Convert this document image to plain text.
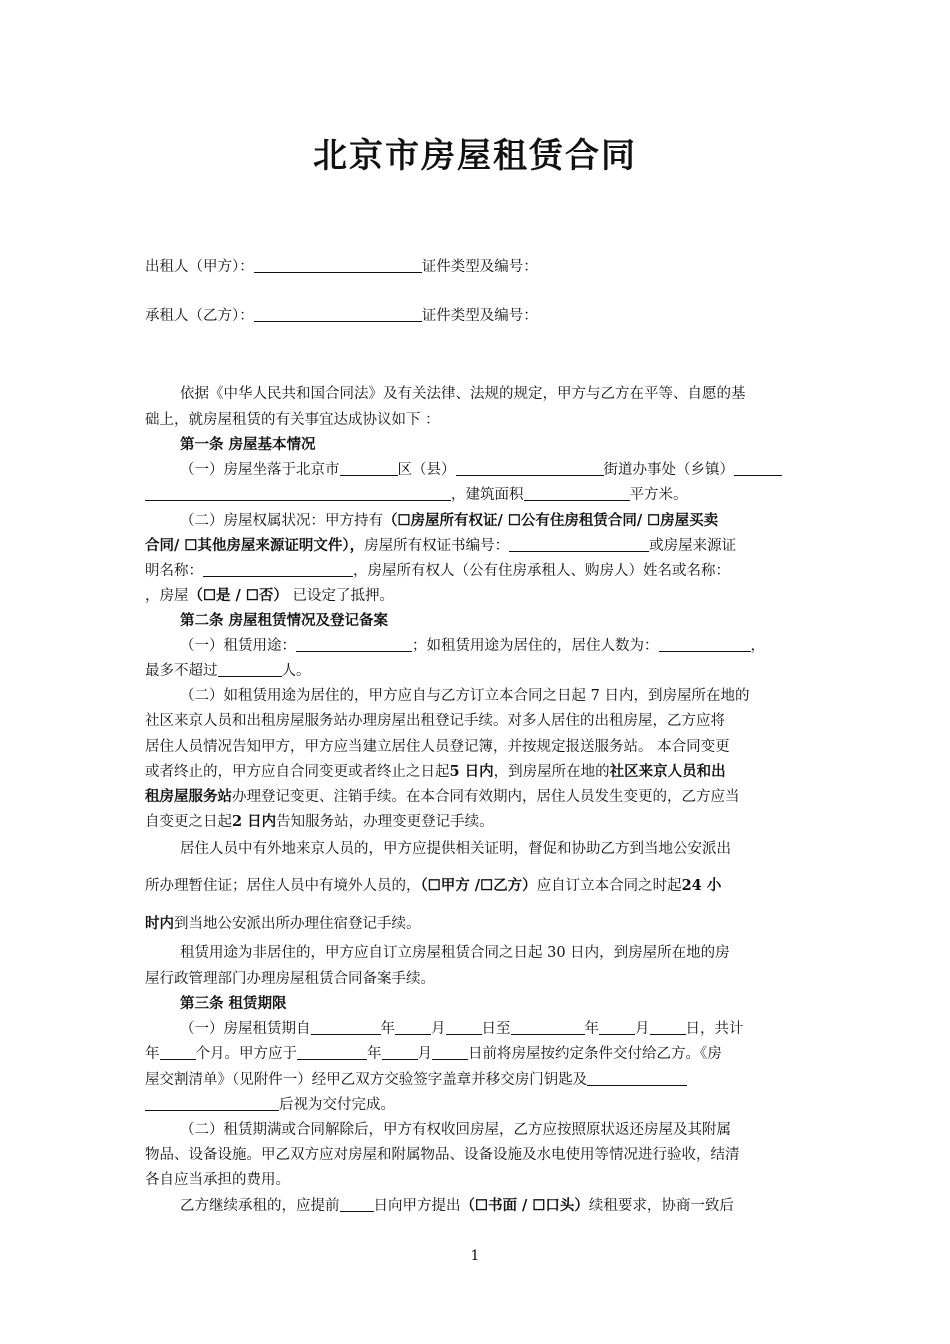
北京市房屋租赁合同
出租人（甲方）：	证件类型及编号：
承租人（乙方）：	证件类型及编号：
依据《中华人民共和国合同法》及有关法律、法规的规定，甲方与乙方在平等、自愿的基
础上，就房屋租赁的有关事宜达成协议如下 ：
第一条 房屋基本情况
（一）房屋坐落于北京市	区（县）	街道办事处（乡镇）
，建筑面积	平方米。
（二）房屋权属状况：甲方持有（☐房屋所有权证/ ☐公有住房租赁合同/ ☐房屋买卖
合同/ ☐其他房屋来源证明文件），房屋所有权证书编号：	或房屋来源证
明名称：	，房屋所有权人（公有住房承租人、购房人）姓名或名称：
，房屋（☐是 / ☐否） 已设定了抵押。
第二条 房屋租赁情况及登记备案
（一）租赁用途：	；如租赁用途为居住的，居住人数为：	，
最多不超过	人。
（二）如租赁用途为居住的，甲方应自与乙方订立本合同之日起 7 日内，到房屋所在地的
社区来京人员和出租房屋服务站办理房屋出租登记手续。对多人居住的出租房屋，乙方应将
居住人员情况告知甲方，甲方应当建立居住人员登记簿，并按规定报送服务站。 本合同变更
或者终止的，甲方应自合同变更或者终止之日起5 日内，到房屋所在地的社区来京人员和出
租房屋服务站办理登记变更、注销手续。在本合同有效期内，居住人员发生变更的，乙方应当
自变更之日起2 日内告知服务站，办理变更登记手续。
居住人员中有外地来京人员的，甲方应提供相关证明，督促和协助乙方到当地公安派出
所办理暂住证；居住人员中有境外人员的，（☐甲方 /☐乙方）应自订立本合同之时起24 小
时内到当地公安派出所办理住宿登记手续。
租赁用途为非居住的，甲方应自订立房屋租赁合同之日起 30 日内，到房屋所在地的房
屋行政管理部门办理房屋租赁合同备案手续。
第三条 租赁期限
（一）房屋租赁期自	年 月 日至	年 月 日，共计
年 个月。甲方应于	年 月 日前将房屋按约定条件交付给乙方。《房
屋交割清单》（见附件一）经甲乙双方交验签字盖章并移交房门钥匙及
后视为交付完成。
（二）租赁期满或合同解除后，甲方有权收回房屋，乙方应按照原状返还房屋及其附属
物品、设备设施。甲乙双方应对房屋和附属物品、设备设施及水电使用等情况进行验收，结清
各自应当承担的费用。
乙方继续承租的，应提前 日向甲方提出（☐书面 / ☐口头）续租要求，协商一致后
1
